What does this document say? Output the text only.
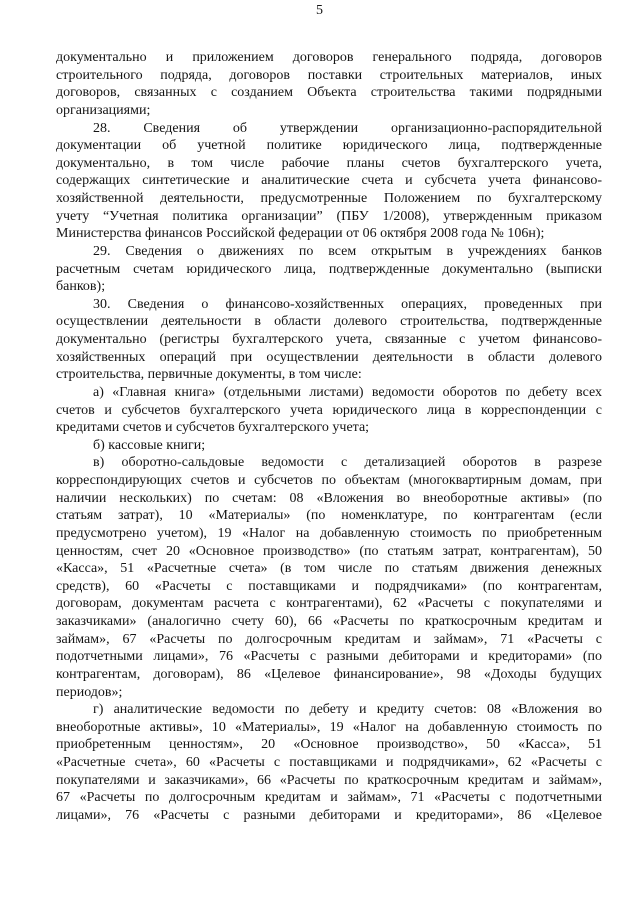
5
документально и приложением договоров генерального подряда, договоров
строительного подряда, договоров поставки строительных материалов, иных
договоров, связанных с созданием Объекта строительства такими подрядными
организациями;
28. Сведения об утверждении организационно-распорядительной
документации об учетной политике юридического лица, подтвержденные
документально, в том числе рабочие планы счетов бухгалтерского учета,
содержащих синтетические и аналитические счета и субсчета учета финансово-
хозяйственной деятельности, предусмотренные Положением по бухгалтерскому
учету “Учетная политика организации” (ПБУ 1/2008), утвержденным приказом
Министерства финансов Российской федерации от 06 октября 2008 года № 106н);
29. Сведения о движениях по всем открытым в учреждениях банков
расчетным счетам юридического лица, подтвержденные документально (выписки
банков);
30. Сведения о финансово-хозяйственных операциях, проведенных при
осуществлении деятельности в области долевого строительства, подтвержденные
документально (регистры бухгалтерского учета, связанные с учетом финансово-
хозяйственных операций при осуществлении деятельности в области долевого
строительства, первичные документы, в том числе:
а) «Главная книга» (отдельными листами) ведомости оборотов по дебету всех
счетов и субсчетов бухгалтерского учета юридического лица в корреспонденции с
кредитами счетов и субсчетов бухгалтерского учета;
б) кассовые книги;
в) оборотно-сальдовые ведомости с детализацией оборотов в разрезе
корреспондирующих счетов и субсчетов по объектам (многоквартирным домам, при
наличии нескольких) по счетам: 08 «Вложения во внеоборотные активы» (по
статьям затрат), 10 «Материалы» (по номенклатуре, по контрагентам (если
предусмотрено учетом), 19 «Налог на добавленную стоимость по приобретенным
ценностям, счет 20 «Основное производство» (по статьям затрат, контрагентам), 50
«Касса», 51 «Расчетные счета» (в том числе по статьям движения денежных
средств), 60 «Расчеты с поставщиками и подрядчиками» (по контрагентам,
договорам, документам расчета с контрагентами), 62 «Расчеты с покупателями и
заказчиками» (аналогично счету 60), 66 «Расчеты по краткосрочным кредитам и
займам», 67 «Расчеты по долгосрочным кредитам и займам», 71 «Расчеты с
подотчетными лицами», 76 «Расчеты с разными дебиторами и кредиторами» (по
контрагентам, договорам), 86 «Целевое финансирование», 98 «Доходы будущих
периодов»;
г) аналитические ведомости по дебету и кредиту счетов: 08 «Вложения во
внеоборотные активы», 10 «Материалы», 19 «Налог на добавленную стоимость по
приобретенным ценностям», 20 «Основное производство», 50 «Касса», 51
«Расчетные счета», 60 «Расчеты с поставщиками и подрядчиками», 62 «Расчеты с
покупателями и заказчиками», 66 «Расчеты по краткосрочным кредитам и займам»,
67 «Расчеты по долгосрочным кредитам и займам», 71 «Расчеты с подотчетными
лицами», 76 «Расчеты с разными дебиторами и кредиторами», 86 «Целевое
